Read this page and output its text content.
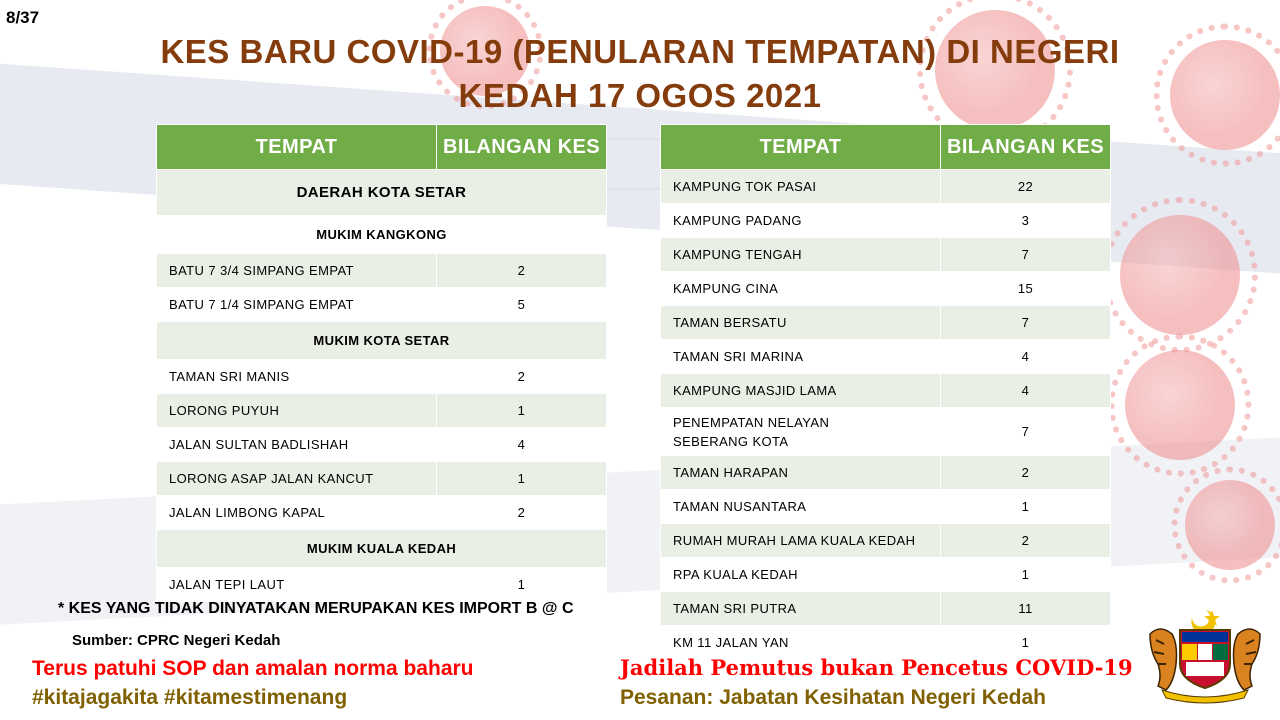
8/37
KES BARU COVID-19 (PENULARAN TEMPATAN) DI NEGERI
KEDAH 17 OGOS 2021
TEMPAT	BILANGAN KES
DAERAH KOTA SETAR	
MUKIM KANGKONG	
BATU 7 3/4 SIMPANG EMPAT	2
BATU 7 1/4 SIMPANG EMPAT	5
MUKIM KOTA SETAR	
TAMAN SRI MANIS	2
LORONG PUYUH	1
JALAN SULTAN BADLISHAH	4
LORONG ASAP JALAN KANCUT	1
JALAN LIMBONG KAPAL	2
MUKIM KUALA KEDAH	
JALAN TEPI LAUT	1
TEMPAT	BILANGAN KES
KAMPUNG TOK PASAI	22
KAMPUNG PADANG	3
KAMPUNG TENGAH	7
KAMPUNG CINA	15
TAMAN BERSATU	7
TAMAN SRI MARINA	4
KAMPUNG MASJID LAMA	4
PENEMPATAN NELAYAN SEBERANG KOTA	7
TAMAN HARAPAN	2
TAMAN NUSANTARA	1
RUMAH MURAH LAMA KUALA KEDAH	2
RPA KUALA KEDAH	1
TAMAN SRI PUTRA	11
KM 11 JALAN YAN	1
* KES YANG TIDAK DINYATAKAN MERUPAKAN KES IMPORT B @ C
Sumber: CPRC Negeri Kedah
Terus patuhi SOP dan amalan norma baharu
#kitajagakita #kitamestimenang
Jadilah Pemutus bukan Pencetus COVID-19
Pesanan: Jabatan Kesihatan Negeri Kedah
